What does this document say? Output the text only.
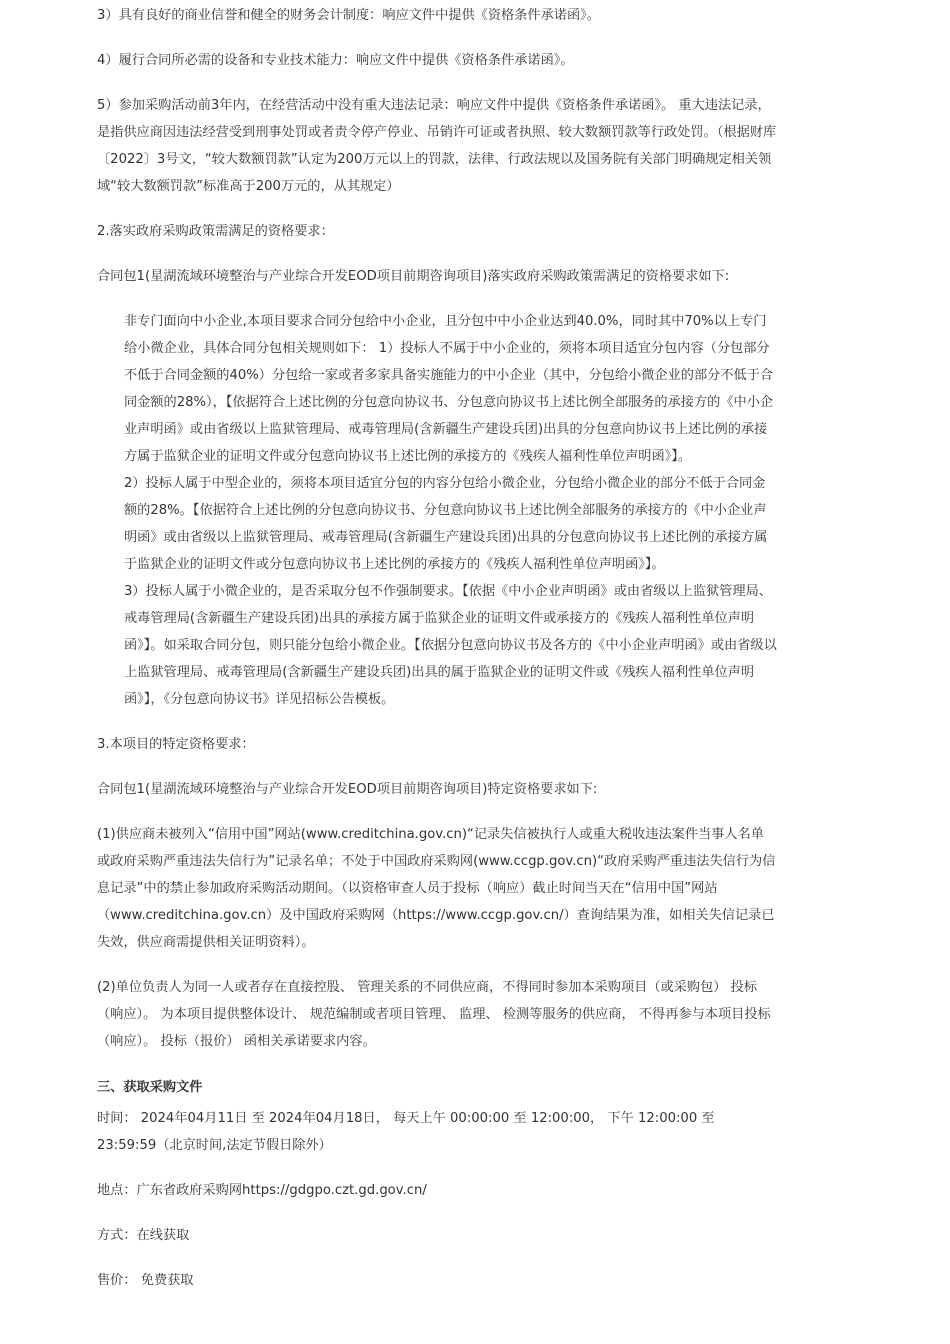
3）具有良好的商业信誉和健全的财务会计制度：响应文件中提供《资格条件承诺函》。

4）履行合同所必需的设备和专业技术能力：响应文件中提供《资格条件承诺函》。

5）参加采购活动前3年内，在经营活动中没有重大违法记录：响应文件中提供《资格条件承诺函》。 重大违法记录，是指供应商因违法经营受到刑事处罚或者责令停产停业、吊销许可证或者执照、较大数额罚款等行政处罚。（根据财库〔2022〕3号文，“较大数额罚款”认定为200万元以上的罚款，法律、行政法规以及国务院有关部门明确规定相关领域“较大数额罚款”标准高于200万元的，从其规定）

2.落实政府采购政策需满足的资格要求：

合同包1(星湖流域环境整治与产业综合开发EOD项目前期咨询项目)落实政府采购政策需满足的资格要求如下:

非专门面向中小企业,本项目要求合同分包给中小企业，且分包中中小企业达到40.0%，同时其中70%以上专门给小微企业，具体合同分包相关规则如下： 1）投标人不属于中小企业的，须将本项目适宜分包内容（分包部分不低于合同金额的40%）分包给一家或者多家具备实施能力的中小企业（其中，分包给小微企业的部分不低于合同金额的28%），【依据符合上述比例的分包意向协议书、分包意向协议书上述比例全部服务的承接方的《中小企业声明函》或由省级以上监狱管理局、戒毒管理局(含新疆生产建设兵团)出具的分包意向协议书上述比例的承接方属于监狱企业的证明文件或分包意向协议书上述比例的承接方的《残疾人福利性单位声明函》】。

2）投标人属于中型企业的，须将本项目适宜分包的内容分包给小微企业，分包给小微企业的部分不低于合同金额的28%。【依据符合上述比例的分包意向协议书、分包意向协议书上述比例全部服务的承接方的《中小企业声明函》或由省级以上监狱管理局、戒毒管理局(含新疆生产建设兵团)出具的分包意向协议书上述比例的承接方属于监狱企业的证明文件或分包意向协议书上述比例的承接方的《残疾人福利性单位声明函》】。

3）投标人属于小微企业的，是否采取分包不作强制要求。【依据《中小企业声明函》或由省级以上监狱管理局、戒毒管理局(含新疆生产建设兵团)出具的承接方属于监狱企业的证明文件或承接方的《残疾人福利性单位声明函》】。如采取合同分包，则只能分包给小微企业。【依据分包意向协议书及各方的《中小企业声明函》或由省级以上监狱管理局、戒毒管理局(含新疆生产建设兵团)出具的属于监狱企业的证明文件或《残疾人福利性单位声明函》】，《分包意向协议书》详见招标公告模板。

3.本项目的特定资格要求：

合同包1(星湖流域环境整治与产业综合开发EOD项目前期咨询项目)特定资格要求如下:

(1)供应商未被列入“信用中国”网站(www.creditchina.gov.cn)“记录失信被执行人或重大税收违法案件当事人名单或政府采购严重违法失信行为”记录名单；不处于中国政府采购网(www.ccgp.gov.cn)“政府采购严重违法失信行为信息记录”中的禁止参加政府采购活动期间。（以资格审查人员于投标（响应）截止时间当天在“信用中国”网站（www.creditchina.gov.cn）及中国政府采购网（https://www.ccgp.gov.cn/）查询结果为准，如相关失信记录已失效，供应商需提供相关证明资料）。

(2)单位负责人为同一人或者存在直接控股、 管理关系的不同供应商，不得同时参加本采购项目（或采购包） 投标（响应）。 为本项目提供整体设计、 规范编制或者项目管理、 监理、 检测等服务的供应商， 不得再参与本项目投标（响应）。 投标（报价） 函相关承诺要求内容。

三、获取采购文件

时间： 2024年04月11日 至 2024年04月18日， 每天上午 00:00:00 至 12:00:00， 下午 12:00:00 至 23:59:59（北京时间,法定节假日除外）

地点：广东省政府采购网https://gdgpo.czt.gd.gov.cn/

方式：在线获取

售价： 免费获取
